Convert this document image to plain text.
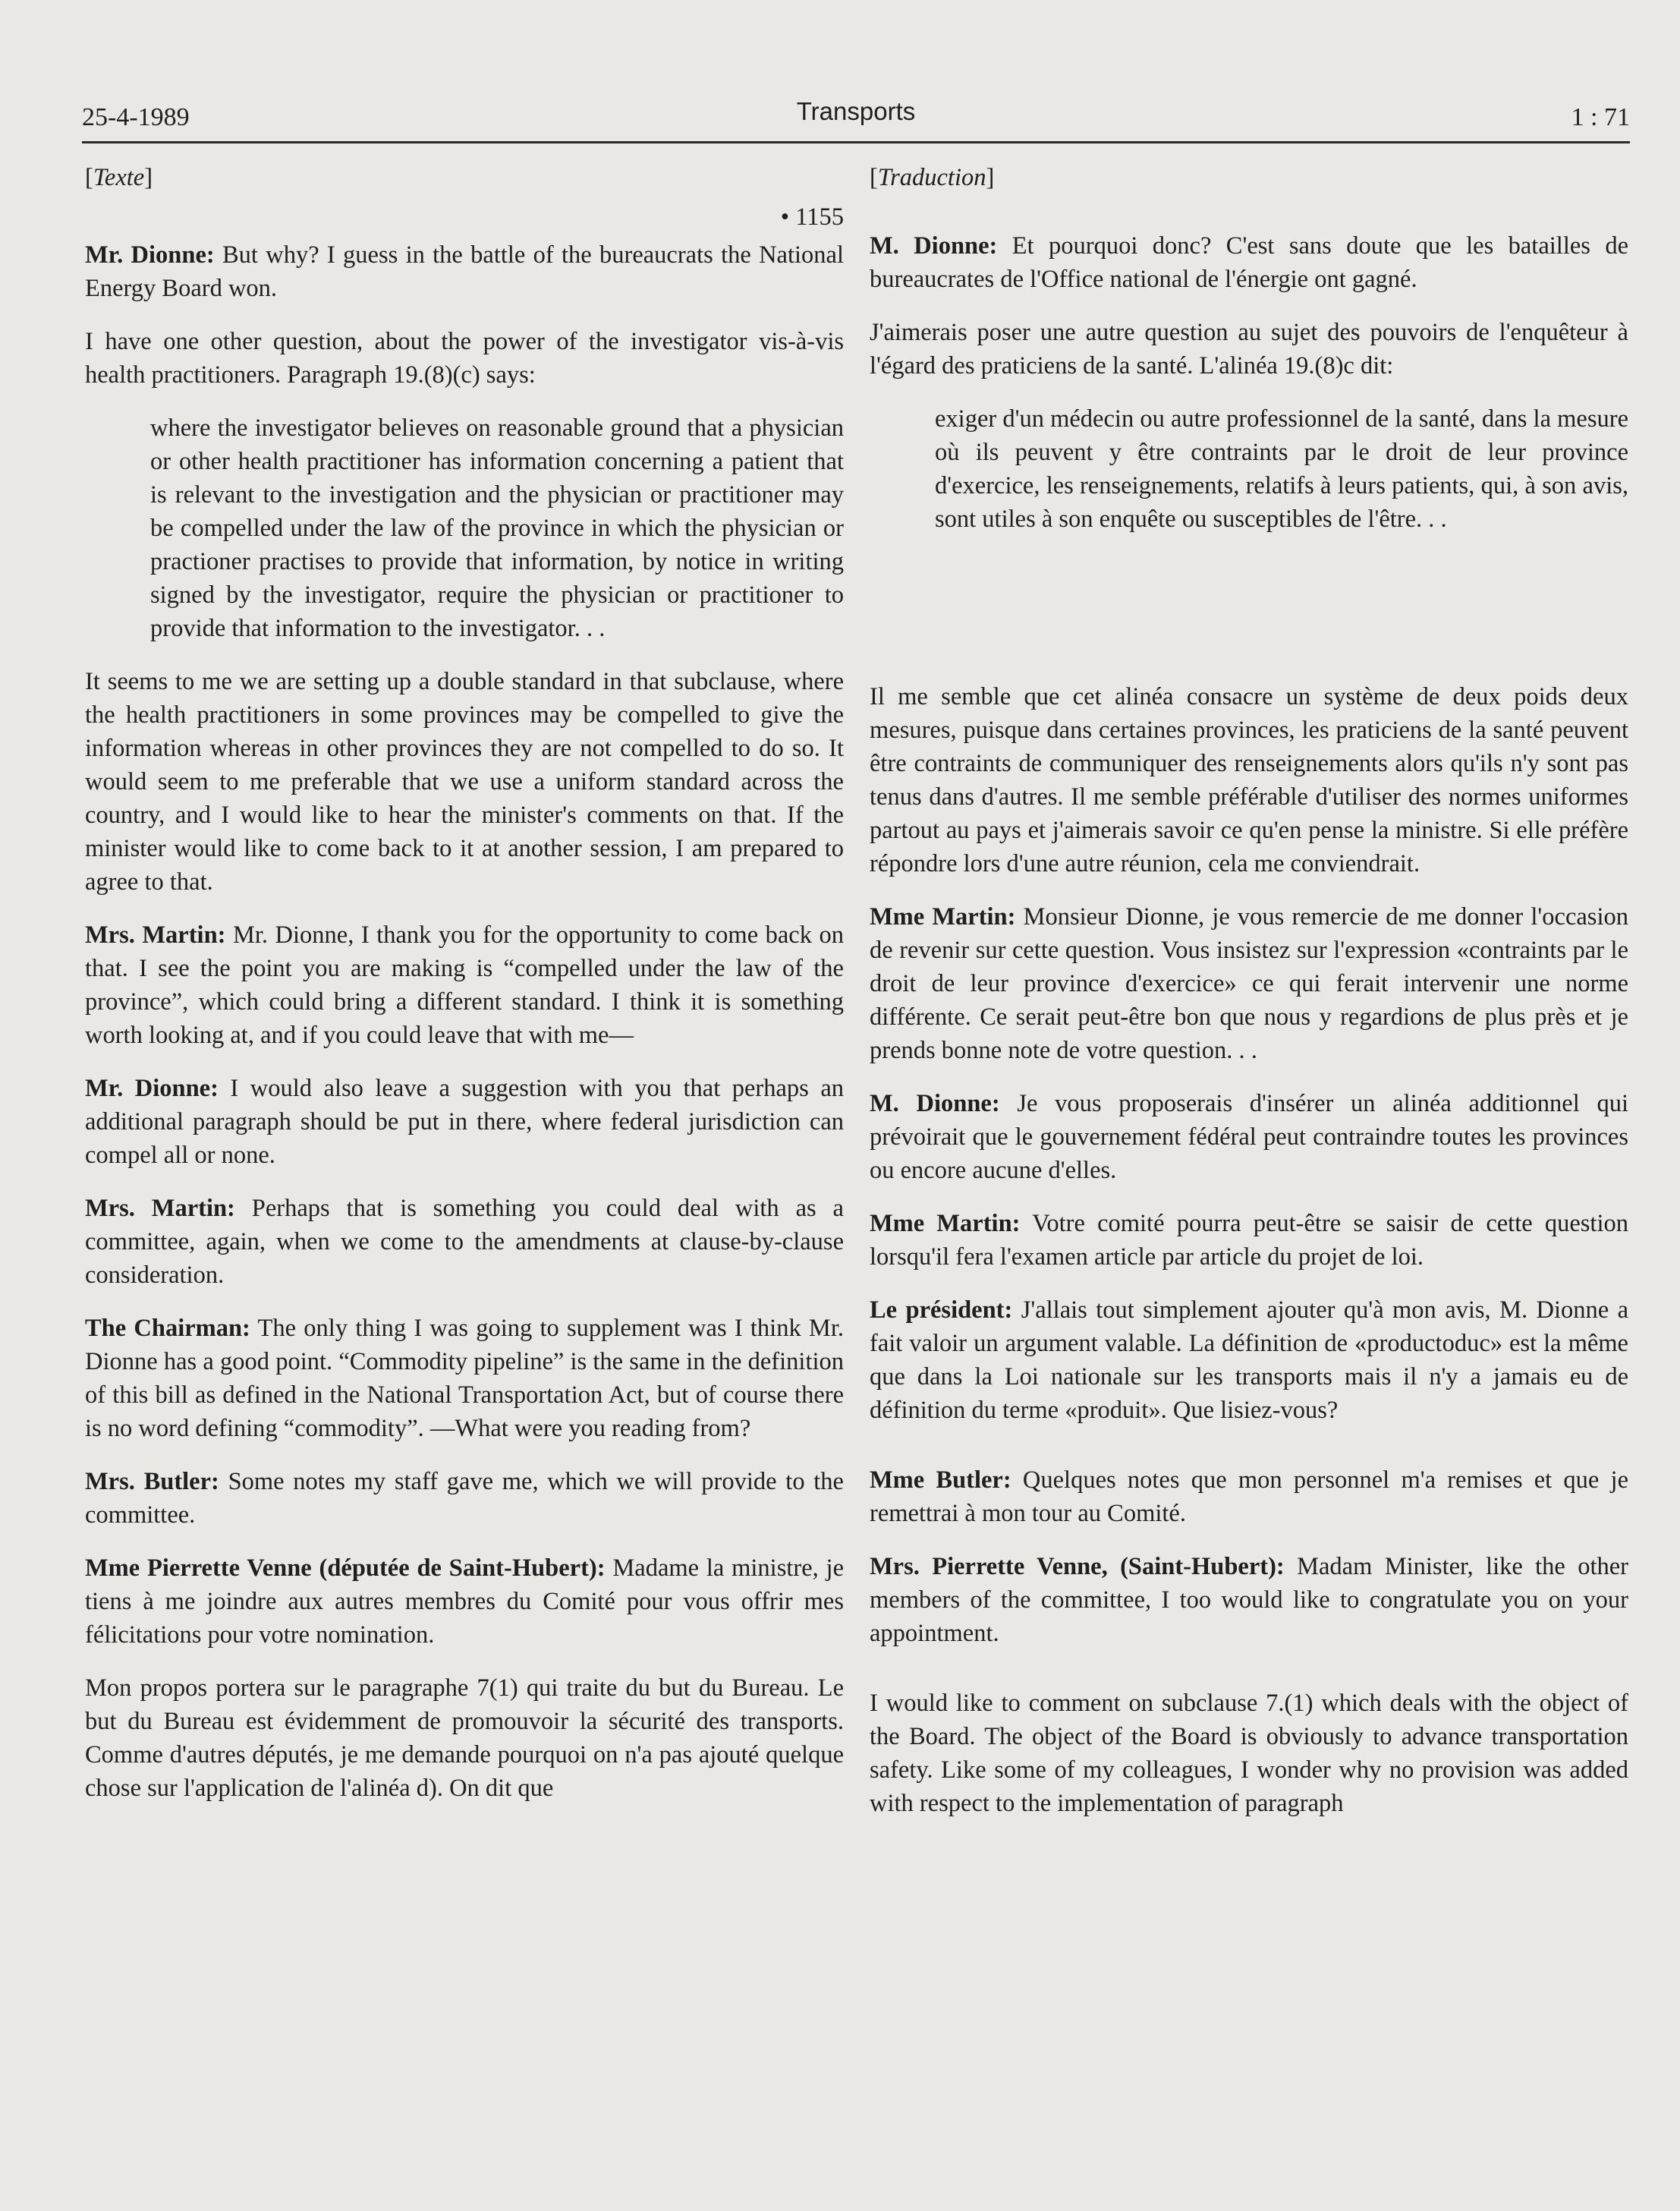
25-4-1989	Transports	1 : 71
[Texte]
• 1155

Mr. Dionne: But why? I guess in the battle of the bureaucrats the National Energy Board won.

I have one other question, about the power of the investigator vis-à-vis health practitioners. Paragraph 19.(8)(c) says:

where the investigator believes on reasonable ground that a physician or other health practitioner has information concerning a patient that is relevant to the investigation and the physician or practitioner may be compelled under the law of the province in which the physician or practioner practises to provide that information, by notice in writing signed by the investigator, require the physician or practitioner to provide that information to the investigator. . .

It seems to me we are setting up a double standard in that subclause, where the health practitioners in some provinces may be compelled to give the information whereas in other provinces they are not compelled to do so. It would seem to me preferable that we use a uniform standard across the country, and I would like to hear the minister's comments on that. If the minister would like to come back to it at another session, I am prepared to agree to that.

Mrs. Martin: Mr. Dionne, I thank you for the opportunity to come back on that. I see the point you are making is “compelled under the law of the province”, which could bring a different standard. I think it is something worth looking at, and if you could leave that with me—

Mr. Dionne: I would also leave a suggestion with you that perhaps an additional paragraph should be put in there, where federal jurisdiction can compel all or none.

Mrs. Martin: Perhaps that is something you could deal with as a committee, again, when we come to the amendments at clause-by-clause consideration.

The Chairman: The only thing I was going to supplement was I think Mr. Dionne has a good point. “Commodity pipeline” is the same in the definition of this bill as defined in the National Transportation Act, but of course there is no word defining “commodity”. —What were you reading from?

Mrs. Butler: Some notes my staff gave me, which we will provide to the committee.

Mme Pierrette Venne (députée de Saint-Hubert): Madame la ministre, je tiens à me joindre aux autres membres du Comité pour vous offrir mes félicitations pour votre nomination.

Mon propos portera sur le paragraphe 7(1) qui traite du but du Bureau. Le but du Bureau est évidemment de promouvoir la sécurité des transports. Comme d'autres députés, je me demande pourquoi on n'a pas ajouté quelque chose sur l'application de l'alinéa d). On dit que

[Traduction]

M. Dionne: Et pourquoi donc? C'est sans doute que les batailles de bureaucrates de l'Office national de l'énergie ont gagné.

J'aimerais poser une autre question au sujet des pouvoirs de l'enquêteur à l'égard des praticiens de la santé. L'alinéa 19.(8)c dit:

exiger d'un médecin ou autre professionnel de la santé, dans la mesure où ils peuvent y être contraints par le droit de leur province d'exercice, les renseignements, relatifs à leurs patients, qui, à son avis, sont utiles à son enquête ou susceptibles de l'être. . .

Il me semble que cet alinéa consacre un système de deux poids deux mesures, puisque dans certaines provinces, les praticiens de la santé peuvent être contraints de communiquer des renseignements alors qu'ils n'y sont pas tenus dans d'autres. Il me semble préférable d'utiliser des normes uniformes partout au pays et j'aimerais savoir ce qu'en pense la ministre. Si elle préfère répondre lors d'une autre réunion, cela me conviendrait.

Mme Martin: Monsieur Dionne, je vous remercie de me donner l'occasion de revenir sur cette question. Vous insistez sur l'expression «contraints par le droit de leur province d'exercice» ce qui ferait intervenir une norme différente. Ce serait peut-être bon que nous y regardions de plus près et je prends bonne note de votre question. . .

M. Dionne: Je vous proposerais d'insérer un alinéa additionnel qui prévoirait que le gouvernement fédéral peut contraindre toutes les provinces ou encore aucune d'elles.

Mme Martin: Votre comité pourra peut-être se saisir de cette question lorsqu'il fera l'examen article par article du projet de loi.

Le président: J'allais tout simplement ajouter qu'à mon avis, M. Dionne a fait valoir un argument valable. La définition de «productoduc» est la même que dans la Loi nationale sur les transports mais il n'y a jamais eu de définition du terme «produit». Que lisiez-vous?

Mme Butler: Quelques notes que mon personnel m'a remises et que je remettrai à mon tour au Comité.

Mrs. Pierrette Venne, (Saint-Hubert): Madam Minister, like the other members of the committee, I too would like to congratulate you on your appointment.

I would like to comment on subclause 7.(1) which deals with the object of the Board. The object of the Board is obviously to advance transportation safety. Like some of my colleagues, I wonder why no provision was added with respect to the implementation of paragraph
